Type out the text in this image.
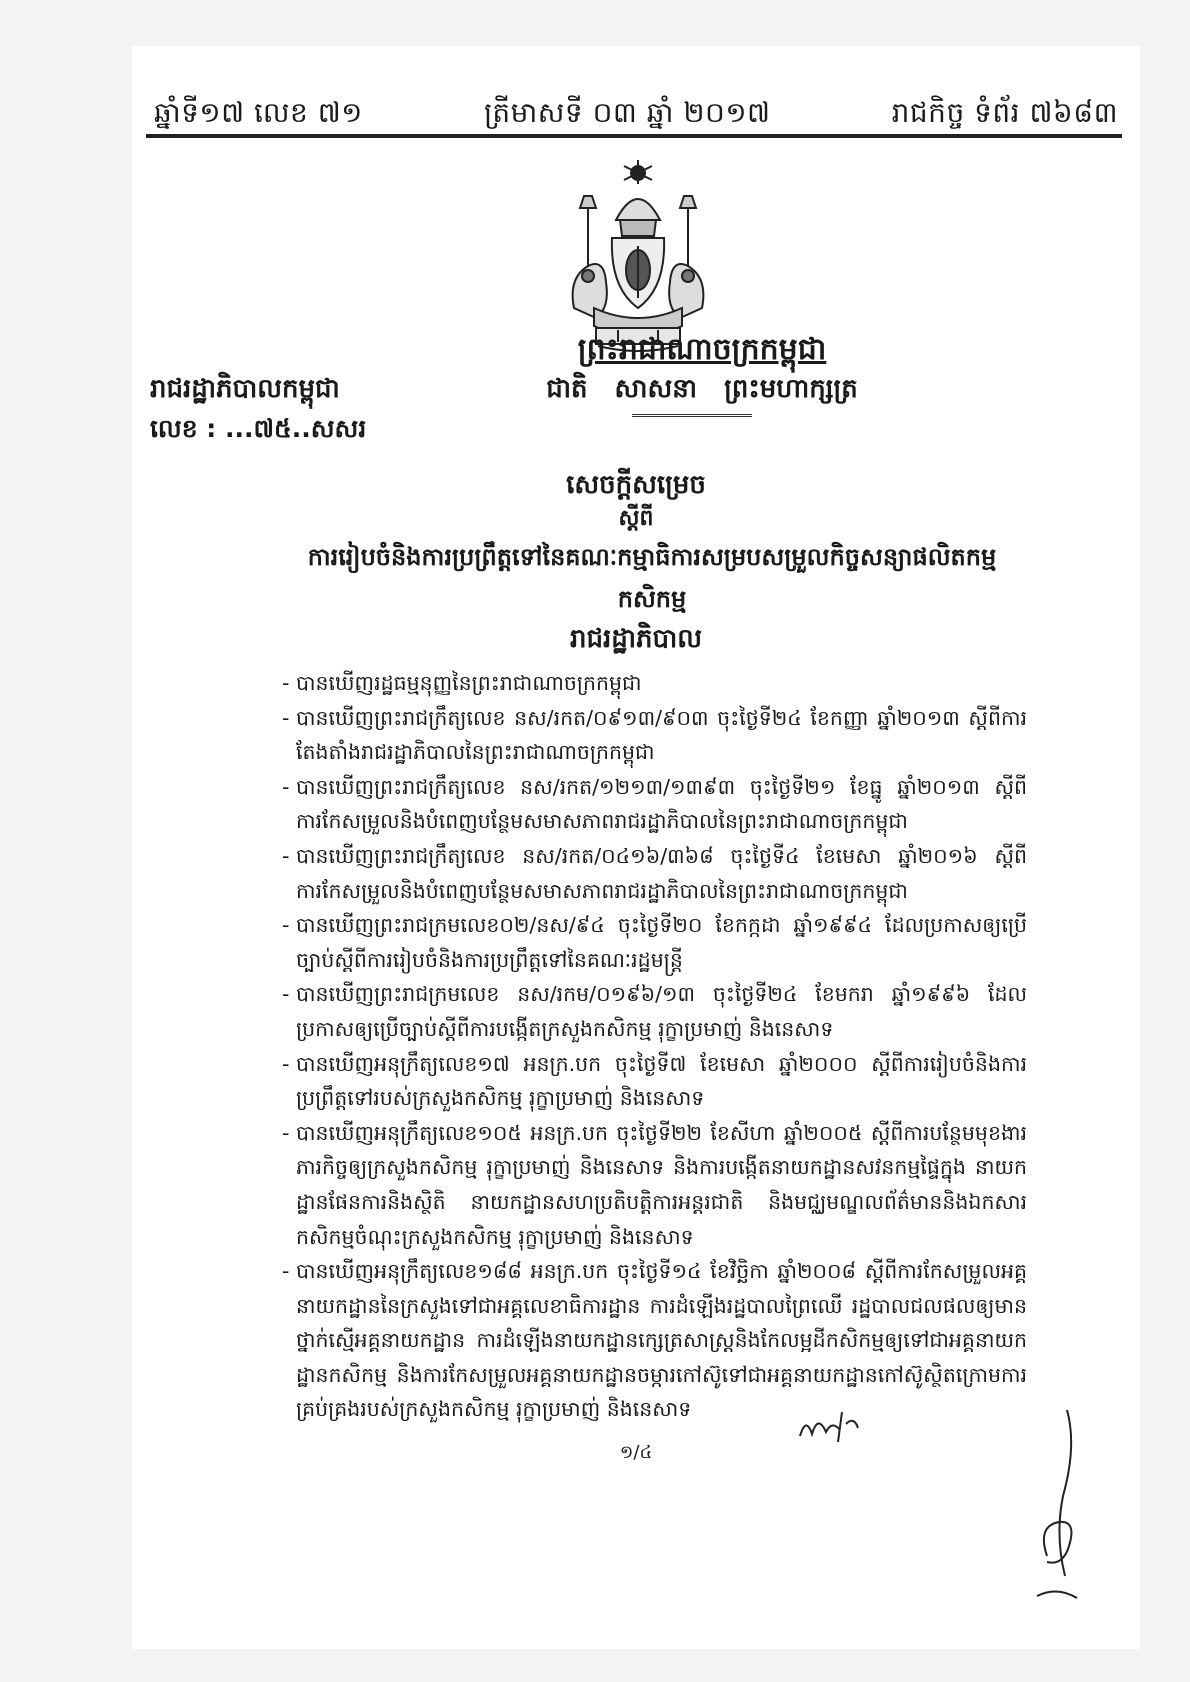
ឆ្នាំទី១៧ លេខ ៧១	ត្រីមាសទី ០៣ ឆ្នាំ ២០១៧	រាជកិច្ច ទំព័រ ៧៦៨៣
ព្រះរាជាណាចក្រកម្ពុជា
ជាតិ សាសនា ព្រះមហាក្សត្រ
រាជរដ្ឋាភិបាលកម្ពុជា
លេខ : ...៧៥..សសរ
សេចក្តីសម្រេច
ស្តីពី
ការរៀបចំនិងការប្រព្រឹត្តទៅនៃគណៈកម្មាធិការសម្របសម្រួលកិច្ចសន្យាផលិតកម្មកសិកម្ម
រាជរដ្ឋាភិបាល
- បានឃើញរដ្ឋធម្មនុញ្ញនៃព្រះរាជាណាចក្រកម្ពុជា
- បានឃើញព្រះរាជក្រឹត្យលេខ នស/រកត/០៩១៣/៩០៣ ចុះថ្ងៃទី២៤ ខែកញ្ញា ឆ្នាំ២០១៣ ស្តីពីការតែងតាំងរាជរដ្ឋាភិបាលនៃព្រះរាជាណាចក្រកម្ពុជា
- បានឃើញព្រះរាជក្រឹត្យលេខ នស/រកត/១២១៣/១៣៩៣ ចុះថ្ងៃទី២១ ខែធ្នូ ឆ្នាំ២០១៣ ស្តីពីការកែសម្រួលនិងបំពេញបន្ថែមសមាសភាពរាជរដ្ឋាភិបាលនៃព្រះរាជាណាចក្រកម្ពុជា
- បានឃើញព្រះរាជក្រឹត្យលេខ នស/រកត/០៤១៦/៣៦៨ ចុះថ្ងៃទី៤ ខែមេសា ឆ្នាំ២០១៦ ស្តីពីការកែសម្រួលនិងបំពេញបន្ថែមសមាសភាពរាជរដ្ឋាភិបាលនៃព្រះរាជាណាចក្រកម្ពុជា
- បានឃើញព្រះរាជក្រមលេខ០២/នស/៩៤ ចុះថ្ងៃទី២០ ខែកក្កដា ឆ្នាំ១៩៩៤ ដែលប្រកាសឲ្យប្រើច្បាប់ស្តីពីការរៀបចំនិងការប្រព្រឹត្តទៅនៃគណៈរដ្ឋមន្ត្រី
- បានឃើញព្រះរាជក្រមលេខ នស/រកម/០១៩៦/១៣ ចុះថ្ងៃទី២៤ ខែមករា ឆ្នាំ១៩៩៦ ដែលប្រកាសឲ្យប្រើច្បាប់ស្តីពីការបង្កើតក្រសួងកសិកម្ម រុក្ខាប្រមាញ់ និងនេសាទ
- បានឃើញអនុក្រឹត្យលេខ១៧ អនក្រ.បក ចុះថ្ងៃទី៧ ខែមេសា ឆ្នាំ២០០០ ស្តីពីការរៀបចំនិងការប្រព្រឹត្តទៅរបស់ក្រសួងកសិកម្ម រុក្ខាប្រមាញ់ និងនេសាទ
- បានឃើញអនុក្រឹត្យលេខ១០៥ អនក្រ.បក ចុះថ្ងៃទី២២ ខែសីហា ឆ្នាំ២០០៥ ស្តីពីការបន្ថែមមុខងារភារកិច្ចឲ្យក្រសួងកសិកម្ម រុក្ខាប្រមាញ់ និងនេសាទ និងការបង្កើតនាយកដ្ឋានសវនកម្មផ្ទៃក្នុង នាយកដ្ឋានផែនការនិងស្ថិតិ នាយកដ្ឋានសហប្រតិបត្តិការអន្តរជាតិ និងមជ្ឈមណ្ឌលព័ត៌មាននិងឯកសារកសិកម្មចំណុះក្រសួងកសិកម្ម រុក្ខាប្រមាញ់ និងនេសាទ
- បានឃើញអនុក្រឹត្យលេខ១៨៨ អនក្រ.បក ចុះថ្ងៃទី១៤ ខែវិច្ឆិកា ឆ្នាំ២០០៨ ស្តីពីការកែសម្រួលអគ្គនាយកដ្ឋាននៃក្រសួងទៅជាអគ្គលេខាធិការដ្ឋាន ការដំឡើងរដ្ឋបាលព្រៃឈើ រដ្ឋបាលជលផលឲ្យមានថ្នាក់ស្មើអគ្គនាយកដ្ឋាន ការដំឡើងនាយកដ្ឋានក្សេត្រសាស្ត្រនិងកែលម្អដីកសិកម្មឲ្យទៅជាអគ្គនាយកដ្ឋានកសិកម្ម និងការកែសម្រួលអគ្គនាយកដ្ឋានចម្ការកៅស៊ូទៅជាអគ្គនាយកដ្ឋានកៅស៊ូស្ថិតក្រោមការគ្រប់គ្រងរបស់ក្រសួងកសិកម្ម រុក្ខាប្រមាញ់ និងនេសាទ
១/៤
